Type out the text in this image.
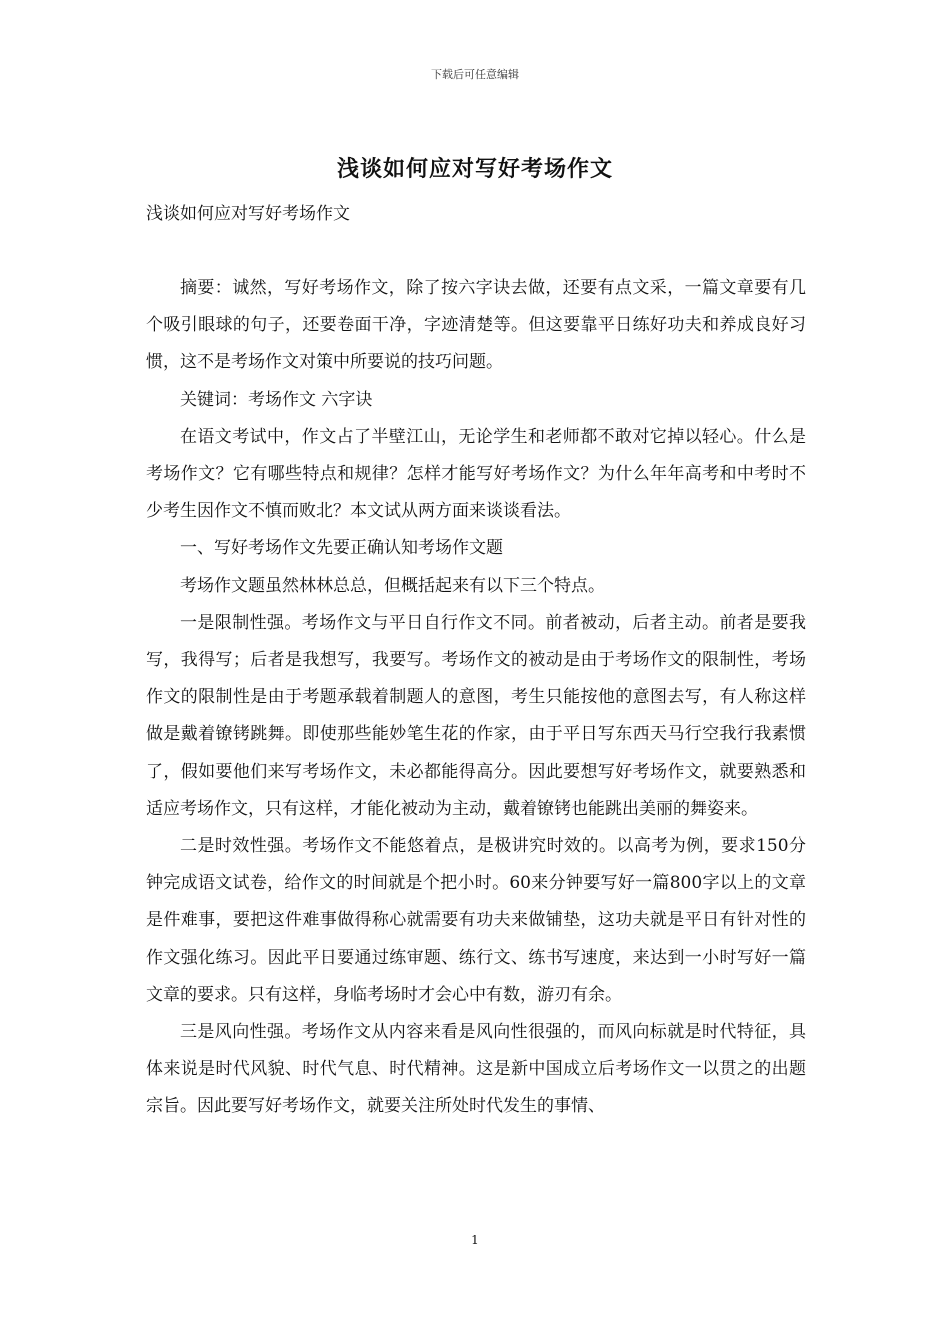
下载后可任意编辑
浅谈如何应对写好考场作文
浅谈如何应对写好考场作文

摘要：诚然，写好考场作文，除了按六字诀去做，还要有点文采，一篇文章要有几个吸引眼球的句子，还要卷面干净，字迹清楚等。但这要靠平日练好功夫和养成良好习惯，这不是考场作文对策中所要说的技巧问题。

关键词：考场作文 六字诀

在语文考试中，作文占了半壁江山，无论学生和老师都不敢对它掉以轻心。什么是考场作文？它有哪些特点和规律？怎样才能写好考场作文？为什么年年高考和中考时不少考生因作文不慎而败北？本文试从两方面来谈谈看法。

一、写好考场作文先要正确认知考场作文题

考场作文题虽然林林总总，但概括起来有以下三个特点。

一是限制性强。考场作文与平日自行作文不同。前者被动，后者主动。前者是要我写，我得写；后者是我想写，我要写。考场作文的被动是由于考场作文的限制性，考场作文的限制性是由于考题承载着制题人的意图，考生只能按他的意图去写，有人称这样做是戴着镣铐跳舞。即使那些能妙笔生花的作家，由于平日写东西天马行空我行我素惯了，假如要他们来写考场作文，未必都能得高分。因此要想写好考场作文，就要熟悉和适应考场作文，只有这样，才能化被动为主动，戴着镣铐也能跳出美丽的舞姿来。

二是时效性强。考场作文不能悠着点，是极讲究时效的。以高考为例，要求150分钟完成语文试卷，给作文的时间就是个把小时。60来分钟要写好一篇800字以上的文章是件难事，要把这件难事做得称心就需要有功夫来做铺垫，这功夫就是平日有针对性的作文强化练习。因此平日要通过练审题、练行文、练书写速度，来达到一小时写好一篇文章的要求。只有这样，身临考场时才会心中有数，游刃有余。

三是风向性强。考场作文从内容来看是风向性很强的，而风向标就是时代特征，具体来说是时代风貌、时代气息、时代精神。这是新中国成立后考场作文一以贯之的出题宗旨。因此要写好考场作文，就要关注所处时代发生的事情、

1
